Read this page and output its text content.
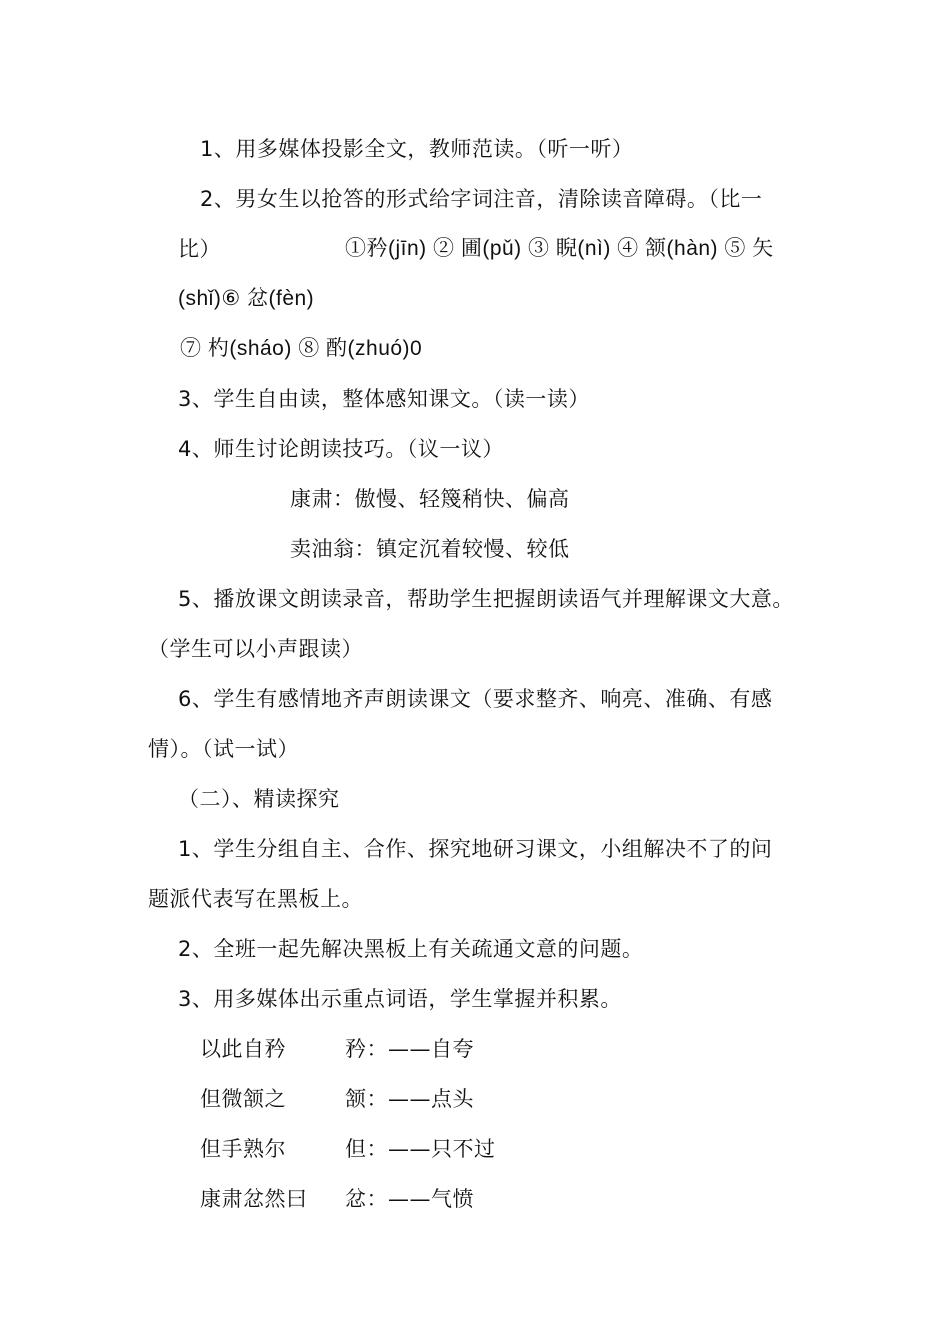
1、用多媒体投影全文，教师范读。（听一听）
2、男女生以抢答的形式给字词注音，清除读音障碍。（比一
比）	①矜(jīn) ② 圃(pǔ) ③ 睨(nì) ④ 颔(hàn) ⑤ 矢
(shǐ)⑥ 忿(fèn)
⑦ 杓(sháo) ⑧ 酌(zhuó)0
3、学生自由读，整体感知课文。（读一读）
4、师生讨论朗读技巧。（议一议）
康肃：傲慢、轻篾稍快、偏高
卖油翁：镇定沉着较慢、较低
5、播放课文朗读录音，帮助学生把握朗读语气并理解课文大意。
（学生可以小声跟读）
6、学生有感情地齐声朗读课文（要求整齐、响亮、准确、有感
情）。（试一试）
（二）、精读探究
1、学生分组自主、合作、探究地研习课文，小组解决不了的问
题派代表写在黑板上。
2、全班一起先解决黑板上有关疏通文意的问题。
3、用多媒体出示重点词语，学生掌握并积累。
以此自矜	矜：——自夸
但微颔之	颔：——点头
但手熟尔	但：——只不过
康肃忿然曰 忿：——气愤
